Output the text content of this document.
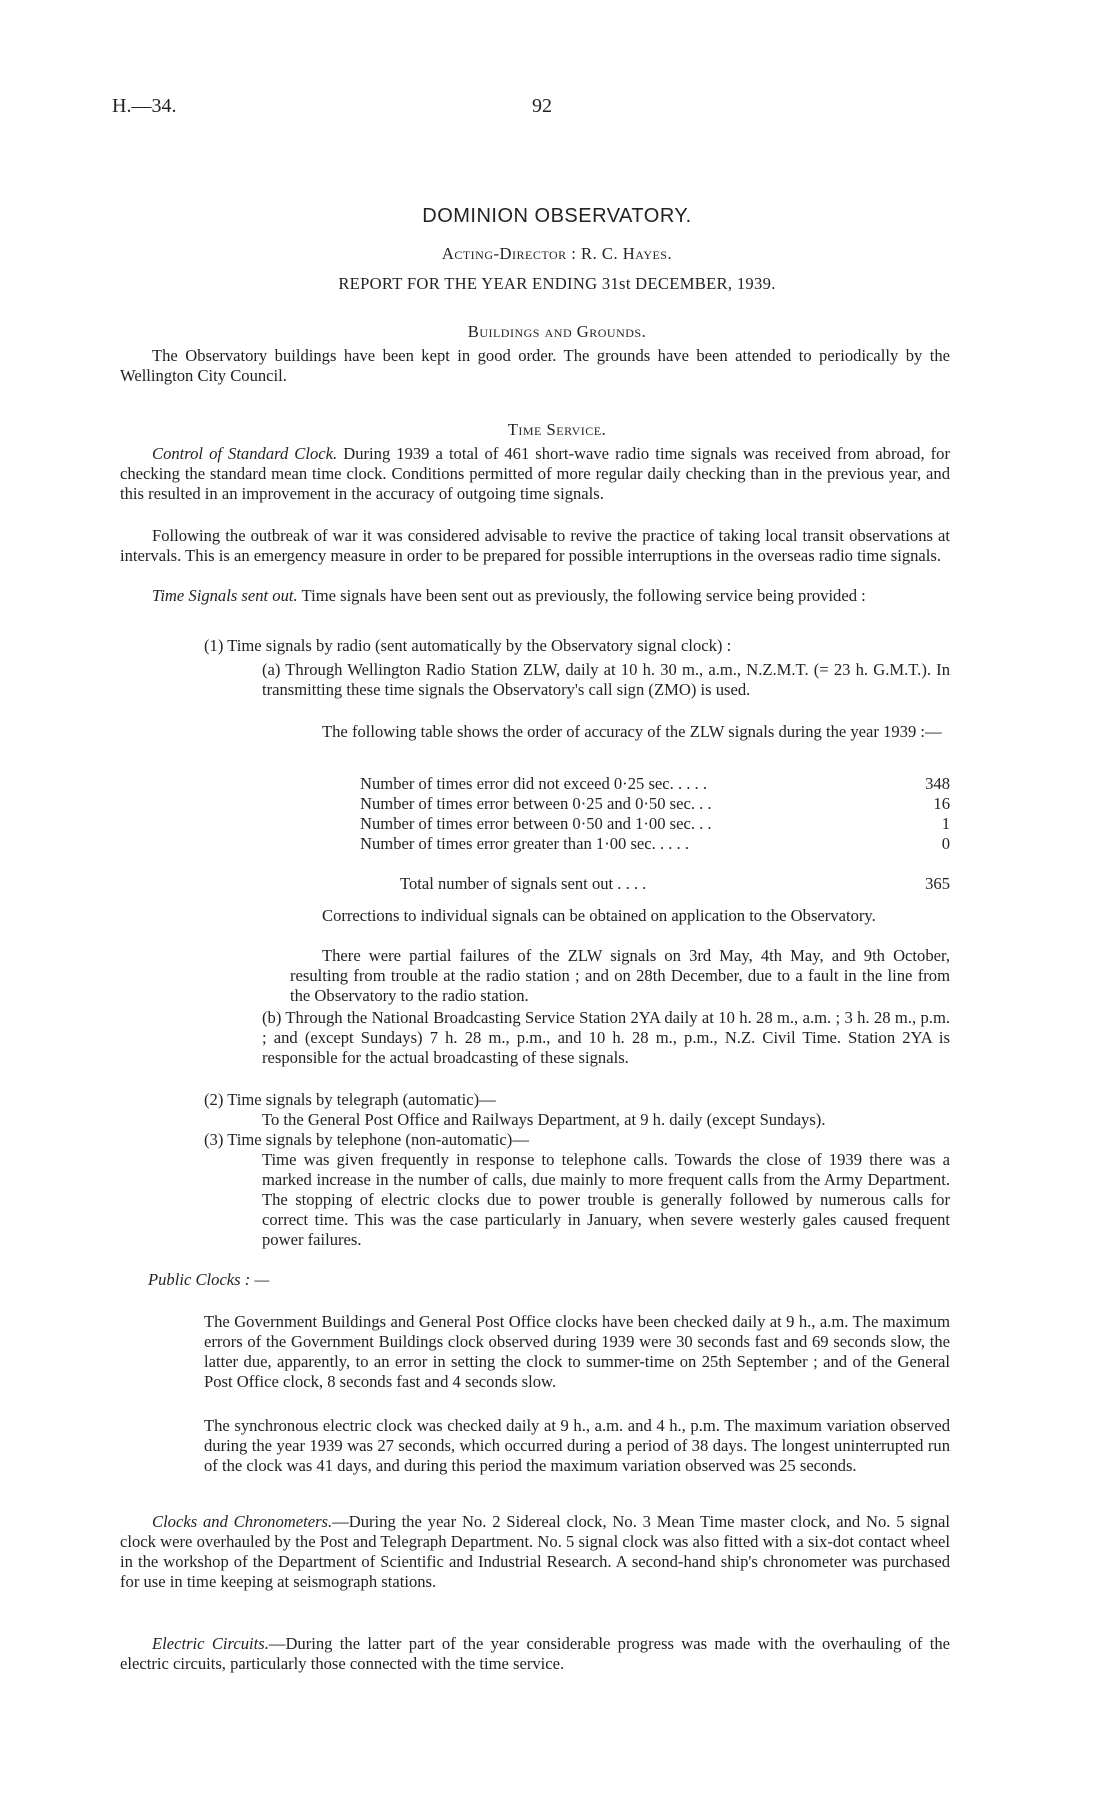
H.—34.	92
DOMINION OBSERVATORY.
Acting-Director : R. C. Hayes.
REPORT FOR THE YEAR ENDING 31st DECEMBER, 1939.
Buildings and Grounds.
The Observatory buildings have been kept in good order. The grounds have been attended to periodically by the Wellington City Council.
Time Service.
Control of Standard Clock. During 1939 a total of 461 short-wave radio time signals was received from abroad, for checking the standard mean time clock. Conditions permitted of more regular daily checking than in the previous year, and this resulted in an improvement in the accuracy of outgoing time signals.
Following the outbreak of war it was considered advisable to revive the practice of taking local transit observations at intervals. This is an emergency measure in order to be prepared for possible interruptions in the overseas radio time signals.
Time Signals sent out. Time signals have been sent out as previously, the following service being provided :
(1) Time signals by radio (sent automatically by the Observatory signal clock) :
(a) Through Wellington Radio Station ZLW, daily at 10 h. 30 m., a.m., N.Z.M.T. (= 23 h. G.M.T.). In transmitting these time signals the Observatory's call sign (ZMO) is used.
The following table shows the order of accuracy of the ZLW signals during the year 1939 :—
Number of times error did not exceed 0·25 sec. . . . .	348
Number of times error between 0·25 and 0·50 sec. . .	16
Number of times error between 0·50 and 1·00 sec. . .	1
Number of times error greater than 1·00 sec. . . . .	0
Total number of signals sent out . . . .	365
Corrections to individual signals can be obtained on application to the Observatory.
There were partial failures of the ZLW signals on 3rd May, 4th May, and 9th October, resulting from trouble at the radio station ; and on 28th December, due to a fault in the line from the Observatory to the radio station.
(b) Through the National Broadcasting Service Station 2YA daily at 10 h. 28 m., a.m. ; 3 h. 28 m., p.m. ; and (except Sundays) 7 h. 28 m., p.m., and 10 h. 28 m., p.m., N.Z. Civil Time. Station 2YA is responsible for the actual broadcasting of these signals.
(2) Time signals by telegraph (automatic)—
To the General Post Office and Railways Department, at 9 h. daily (except Sundays).
(3) Time signals by telephone (non-automatic)—
Time was given frequently in response to telephone calls. Towards the close of 1939 there was a marked increase in the number of calls, due mainly to more frequent calls from the Army Department. The stopping of electric clocks due to power trouble is generally followed by numerous calls for correct time. This was the case particularly in January, when severe westerly gales caused frequent power failures.
Public Clocks : —
The Government Buildings and General Post Office clocks have been checked daily at 9 h., a.m. The maximum errors of the Government Buildings clock observed during 1939 were 30 seconds fast and 69 seconds slow, the latter due, apparently, to an error in setting the clock to summer-time on 25th September ; and of the General Post Office clock, 8 seconds fast and 4 seconds slow.
The synchronous electric clock was checked daily at 9 h., a.m. and 4 h., p.m. The maximum variation observed during the year 1939 was 27 seconds, which occurred during a period of 38 days. The longest uninterrupted run of the clock was 41 days, and during this period the maximum variation observed was 25 seconds.
Clocks and Chronometers.—During the year No. 2 Sidereal clock, No. 3 Mean Time master clock, and No. 5 signal clock were overhauled by the Post and Telegraph Department. No. 5 signal clock was also fitted with a six-dot contact wheel in the workshop of the Department of Scientific and Industrial Research. A second-hand ship's chronometer was purchased for use in time keeping at seismograph stations.
Electric Circuits.—During the latter part of the year considerable progress was made with the overhauling of the electric circuits, particularly those connected with the time service.
